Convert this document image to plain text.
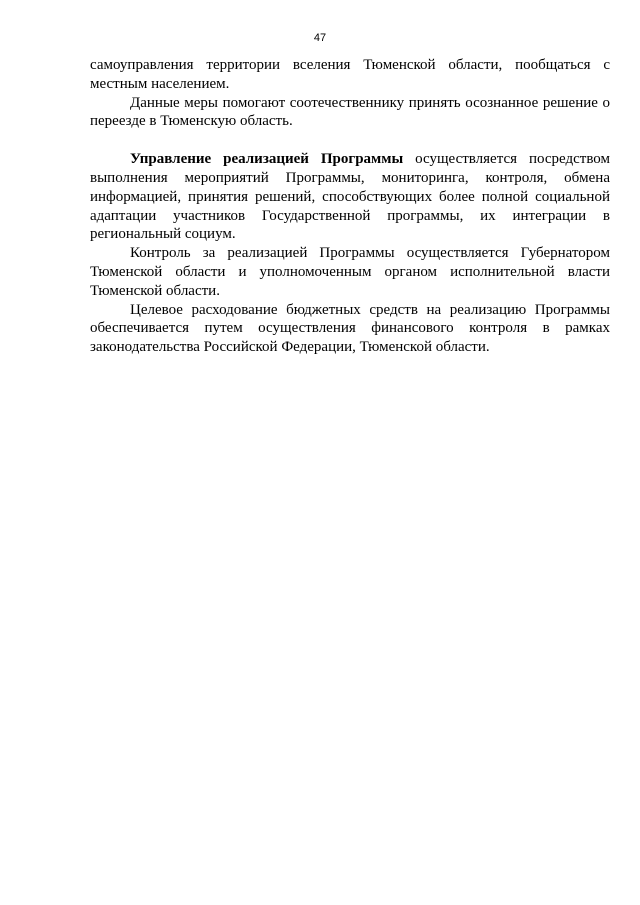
47

самоуправления территории вселения Тюменской области, пообщаться с местным населением.

Данные меры помогают соотечественнику принять осознанное решение о переезде в Тюменскую область.

Управление реализацией Программы осуществляется посредством выполнения мероприятий Программы, мониторинга, контроля, обмена информацией, принятия решений, способствующих более полной социальной адаптации участников Государственной программы, их интеграции в региональный социум.

Контроль за реализацией Программы осуществляется Губернатором Тюменской области и уполномоченным органом исполнительной власти Тюменской области.

Целевое расходование бюджетных средств на реализацию Программы обеспечивается путем осуществления финансового контроля в рамках законодательства Российской Федерации, Тюменской области.
